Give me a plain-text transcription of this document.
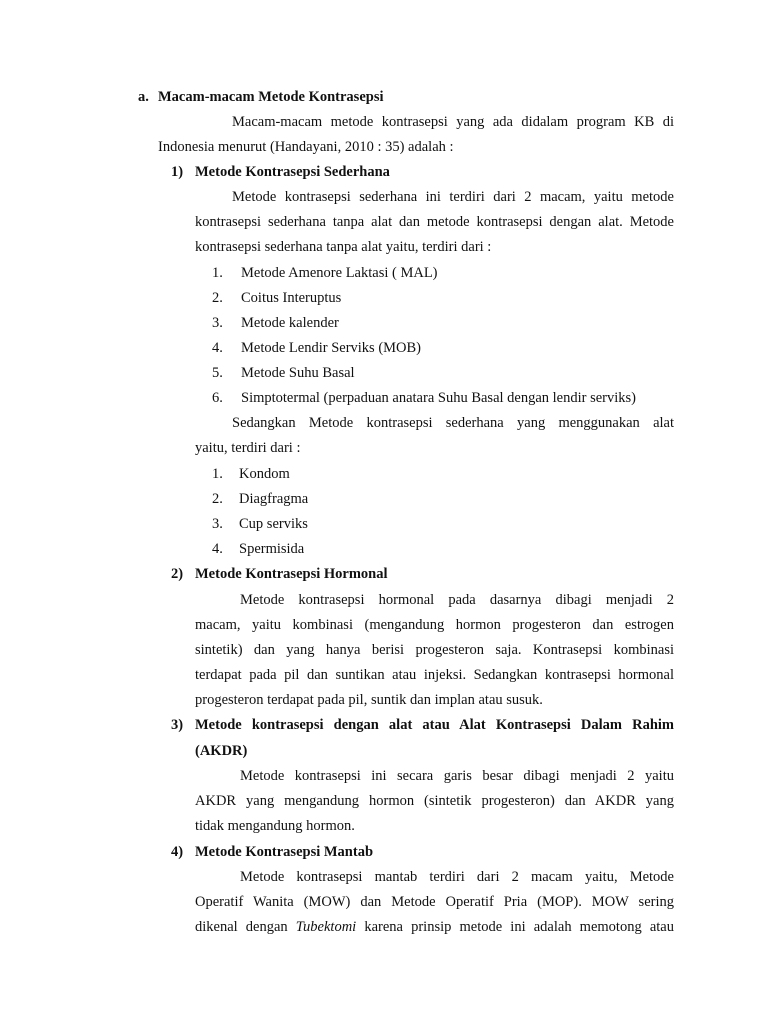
a. Macam-macam Metode Kontrasepsi
Macam-macam metode kontrasepsi yang ada didalam program KB di
Indonesia menurut (Handayani, 2010 : 35) adalah :
1) Metode Kontrasepsi Sederhana
Metode kontrasepsi sederhana ini terdiri dari 2 macam, yaitu metode
kontrasepsi sederhana tanpa alat dan metode kontrasepsi dengan alat. Metode
kontrasepsi sederhana tanpa alat yaitu, terdiri dari :
1. Metode Amenore Laktasi ( MAL)
2. Coitus Interuptus
3. Metode kalender
4. Metode Lendir Serviks (MOB)
5. Metode Suhu Basal
6. Simptotermal (perpaduan anatara Suhu Basal dengan lendir serviks)
Sedangkan Metode kontrasepsi sederhana yang menggunakan alat
yaitu, terdiri dari :
1. Kondom
2. Diagfragma
3. Cup serviks
4. Spermisida
2) Metode Kontrasepsi Hormonal
Metode kontrasepsi hormonal pada dasarnya dibagi menjadi 2
macam, yaitu kombinasi (mengandung hormon progesteron dan estrogen
sintetik) dan yang hanya berisi progesteron saja. Kontrasepsi kombinasi
terdapat pada pil dan suntikan atau injeksi. Sedangkan kontrasepsi hormonal
progesteron terdapat pada pil, suntik dan implan atau susuk.
3) Metode kontrasepsi dengan alat atau Alat Kontrasepsi Dalam Rahim
(AKDR)
Metode kontrasepsi ini secara garis besar dibagi menjadi 2 yaitu
AKDR yang mengandung hormon (sintetik progesteron) dan AKDR yang
tidak mengandung hormon.
4) Metode Kontrasepsi Mantab
Metode kontrasepsi mantab terdiri dari 2 macam yaitu, Metode
Operatif Wanita (MOW) dan Metode Operatif Pria (MOP). MOW sering
dikenal dengan Tubektomi karena prinsip metode ini adalah memotong atau
